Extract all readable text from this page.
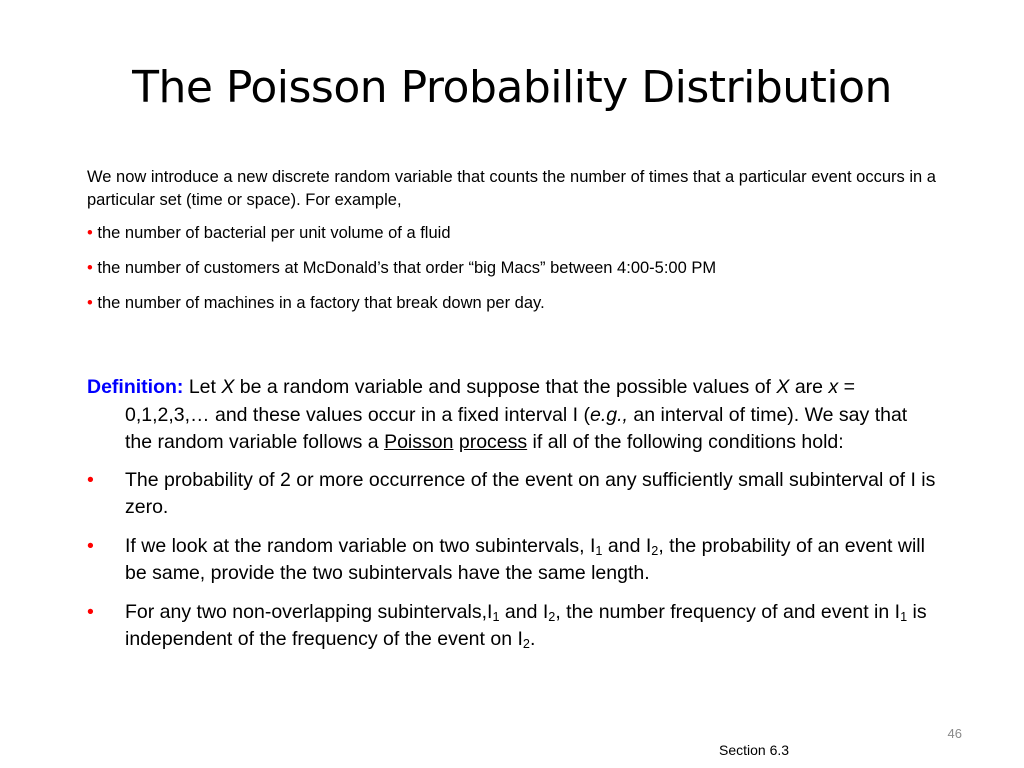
The Poisson Probability Distribution

We now introduce a new discrete random variable that counts the number of times that a particular event occurs in a particular set (time or space). For example,

• the number of bacterial per unit volume of a fluid
• the number of customers at McDonald’s that order “big Macs” between 4:00-5:00 PM
• the number of machines in a factory that break down per day.
Definition: Let X be a random variable and suppose that the possible values of X are x = 0,1,2,3,… and these values occur in a fixed interval I (e.g., an interval of time). We say that the random variable follows a Poisson process if all of the following conditions hold:
• The probability of 2 or more occurrence of the event on any sufficiently small subinterval of I is zero.
• If we look at the random variable on two subintervals, $I_1$ and $I_2$, the probability of an event will be same, provide the two subintervals have the same length.
• For any two non-overlapping $subintervals,I_1$ and $I_2$, the number frequency of and event in $I_1$ is independent of the frequency of the event on $I_2$.
46
Section 6.3
